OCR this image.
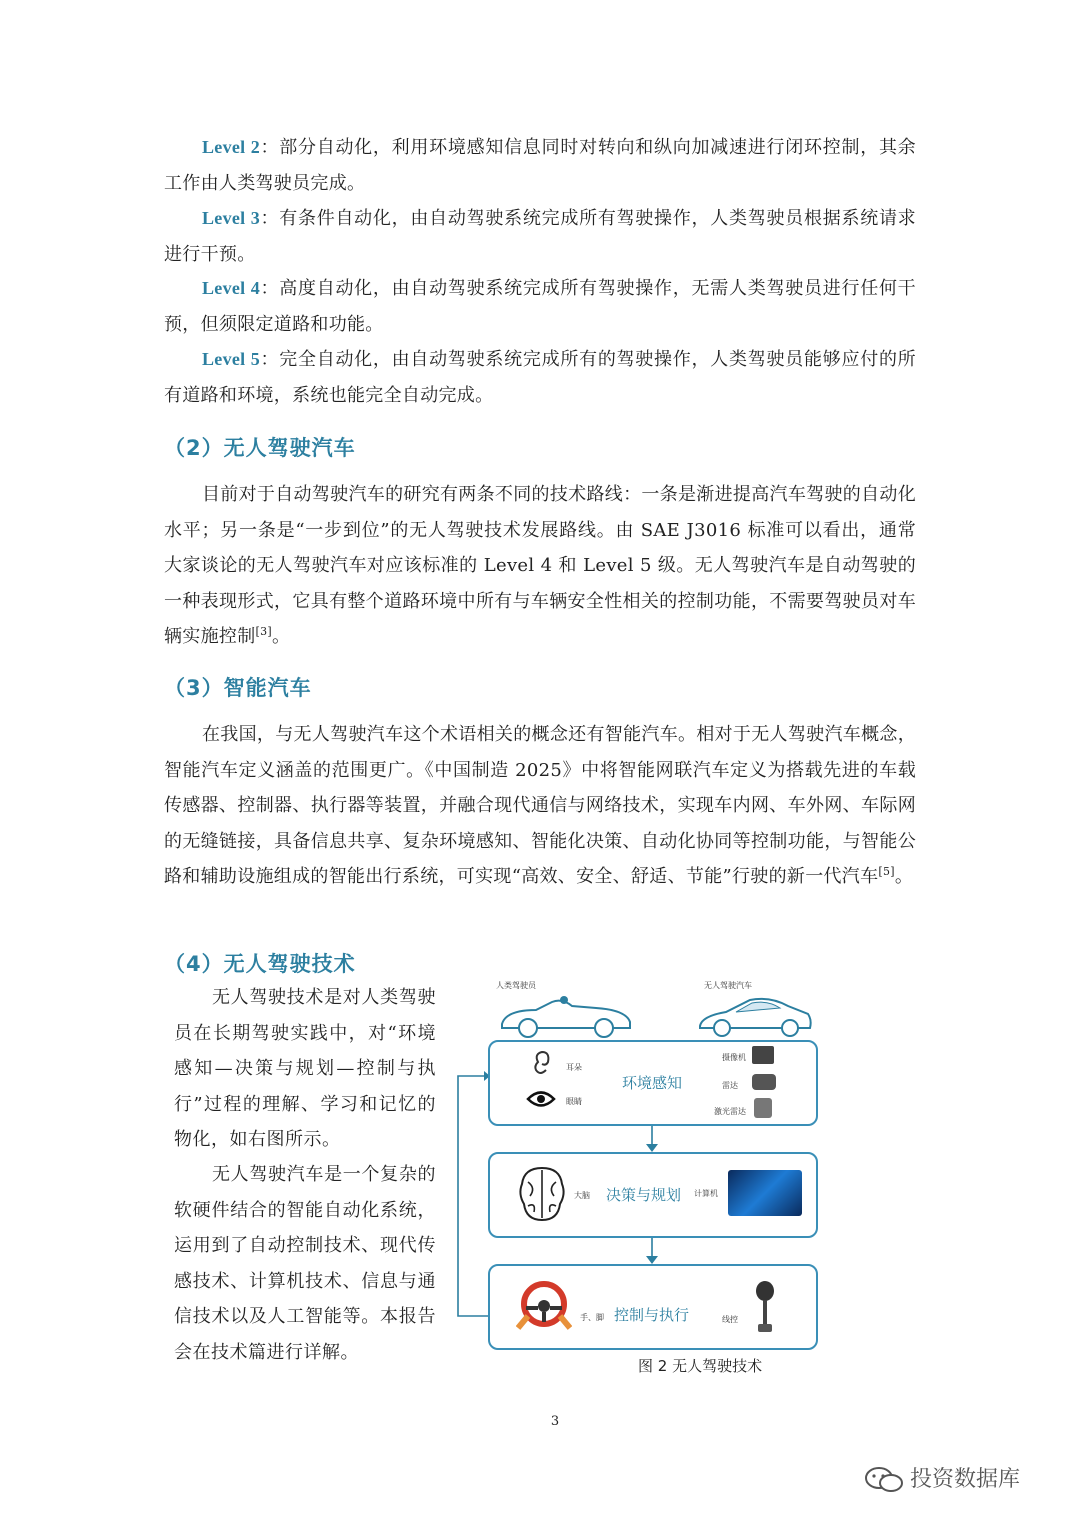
Level 2：部分自动化，利用环境感知信息同时对转向和纵向加减速进行闭环控制，其余工作由人类驾驶员完成。

Level 3：有条件自动化，由自动驾驶系统完成所有驾驶操作，人类驾驶员根据系统请求进行干预。

Level 4：高度自动化，由自动驾驶系统完成所有驾驶操作，无需人类驾驶员进行任何干预，但须限定道路和功能。

Level 5：完全自动化，由自动驾驶系统完成所有的驾驶操作，人类驾驶员能够应付的所有道路和环境，系统也能完全自动完成。

（2）无人驾驶汽车

目前对于自动驾驶汽车的研究有两条不同的技术路线：一条是渐进提高汽车驾驶的自动化水平；另一条是“一步到位”的无人驾驶技术发展路线。由 SAE J3016 标准可以看出，通常大家谈论的无人驾驶汽车对应该标准的 Level 4 和 Level 5 级。无人驾驶汽车是自动驾驶的一种表现形式，它具有整个道路环境中所有与车辆安全性相关的控制功能，不需要驾驶员对车辆实施控制[3]。

（3）智能汽车

在我国，与无人驾驶汽车这个术语相关的概念还有智能汽车。相对于无人驾驶汽车概念，智能汽车定义涵盖的范围更广。《中国制造 2025》中将智能网联汽车定义为搭载先进的车载传感器、控制器、执行器等装置，并融合现代通信与网络技术，实现车内网、车外网、车际网的无缝链接，具备信息共享、复杂环境感知、智能化决策、自动化协同等控制功能，与智能公路和辅助设施组成的智能出行系统，可实现“高效、安全、舒适、节能”行驶的新一代汽车[5]。

（4）无人驾驶技术

无人驾驶技术是对人类驾驶员在长期驾驶实践中，对“环境感知—决策与规划—控制与执行”过程的理解、学习和记忆的物化，如右图所示。

无人驾驶汽车是一个复杂的软硬件结合的智能自动化系统，运用到了自动控制技术、现代传感技术、计算机技术、信息与通信技术以及人工智能等。本报告会在技术篇进行详解。

人类驾驶员	无人驾驶汽车
耳朵
眼睛
环境感知
摄像机
雷达
激光雷达
大脑 决策与规划 计算机
手、脚 控制与执行	线控
图 2 无人驾驶技术
3
投资数据库
